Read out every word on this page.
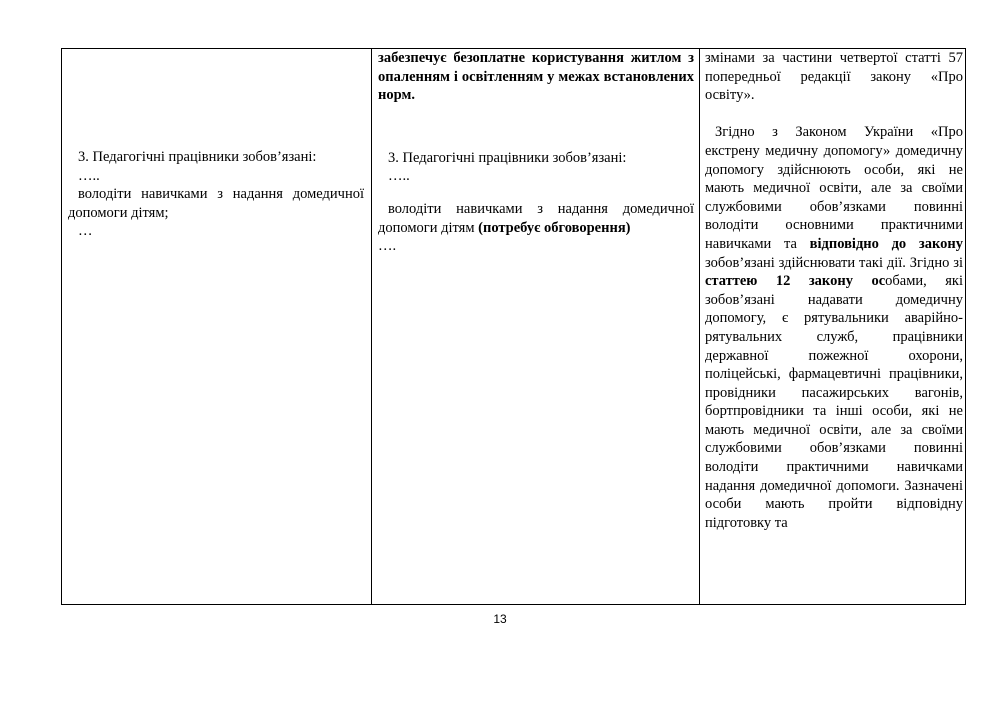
3. Педагогічні працівники зобов’язані:

…..

володіти навичками з надання домедичної допомоги дітям;

…

забезпечує безоплатне користування житлом з опаленням і освітленням у межах встановлених норм.

3. Педагогічні працівники зобов’язані:

…..

володіти навичками з надання домедичної допомоги дітям (потребує обговорення)

….

змінами за частини четвертої статті 57 попередньої редакції закону «Про освіту».

Згідно з Законом України «Про екстрену медичну допомогу» домедичну допомогу здійснюють особи, які не мають медичної освіти, але за своїми службовими обов’язками повинні володіти основними практичними навичками та відповідно до закону зобов’язані здійснювати такі дії. Згідно зі статтею 12 закону особами, які зобов’язані надавати домедичну допомогу, є рятувальники аварійно-рятувальних служб, працівники державної пожежної охорони, поліцейські, фармацевтичні працівники, провідники пасажирських вагонів, бортпровідники та інші особи, які не мають медичної освіти, але за своїми службовими обов’язками повинні володіти практичними навичками надання домедичної допомоги. Зазначені особи мають пройти відповідну підготовку та

13
